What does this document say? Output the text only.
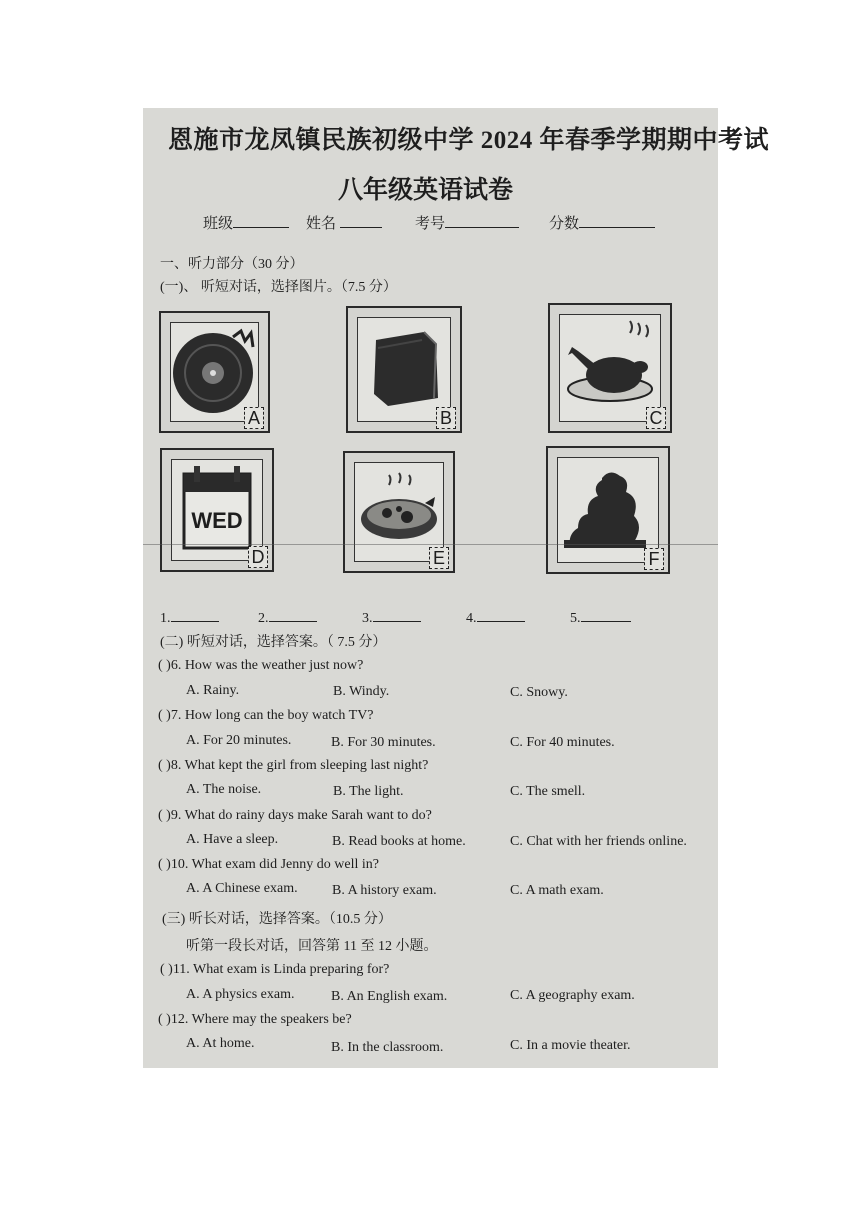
恩施市龙凤镇民族初级中学 2024 年春季学期期中考试
八年级英语试卷
班级	姓名	考号	分数
一、听力部分（30 分）
(一)、 听短对话，选择图片。（7.5 分）
A	B	C
WED
D	E	F
1.	2.	3.	4.	5.
(二) 听短对话，选择答案。（ 7.5 分）
( )6. How was the weather just now?
A. Rainy.	B. Windy.	C. Snowy.
( )7. How long can the boy watch TV?
A. For 20 minutes.	B. For 30 minutes.	C. For 40 minutes.
( )8. What kept the girl from sleeping last night?
A. The noise.	B. The light.	C. The smell.
( )9. What do rainy days make Sarah want to do?
A. Have a sleep.	B. Read books at home.	C. Chat with her friends online.
( )10. What exam did Jenny do well in?
A. A Chinese exam. B. A history exam.	C. A math exam.
(三) 听长对话，选择答案。（10.5 分）
听第一段长对话，回答第 11 至 12 小题。
( )11. What exam is Linda preparing for?
A. A physics exam.	B. An English exam.	C. A geography exam.
( )12. Where may the speakers be?
A. At home.	B. In the classroom.	C. In a movie theater.
